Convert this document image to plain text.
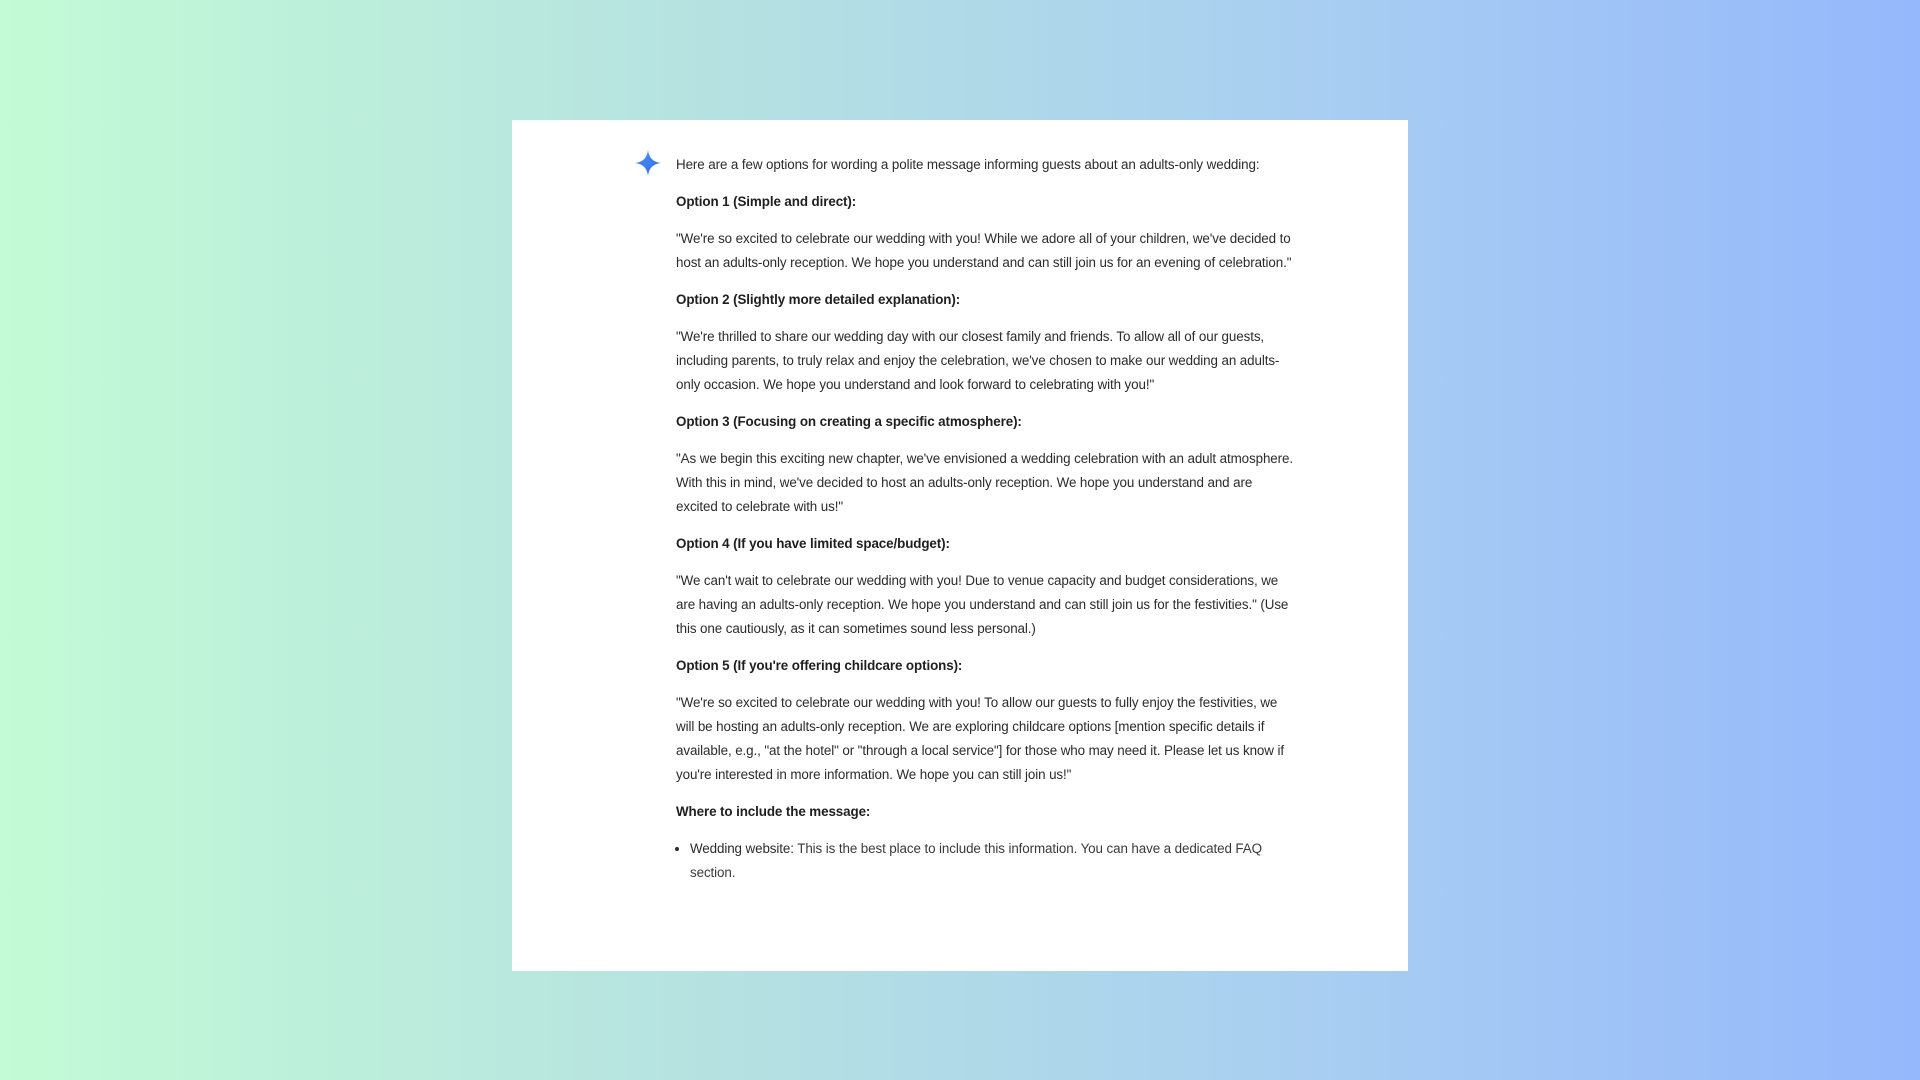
Here are a few options for wording a polite message informing guests about an adults-only wedding:

Option 1 (Simple and direct):

"We're so excited to celebrate our wedding with you! While we adore all of your children, we've decided to host an adults-only reception. We hope you understand and can still join us for an evening of celebration."

Option 2 (Slightly more detailed explanation):

"We're thrilled to share our wedding day with our closest family and friends. To allow all of our guests, including parents, to truly relax and enjoy the celebration, we've chosen to make our wedding an adults-only occasion. We hope you understand and look forward to celebrating with you!"

Option 3 (Focusing on creating a specific atmosphere):

"As we begin this exciting new chapter, we've envisioned a wedding celebration with an adult atmosphere. With this in mind, we've decided to host an adults-only reception. We hope you understand and are excited to celebrate with us!"

Option 4 (If you have limited space/budget):

"We can't wait to celebrate our wedding with you! Due to venue capacity and budget considerations, we are having an adults-only reception. We hope you understand and can still join us for the festivities." (Use this one cautiously, as it can sometimes sound less personal.)

Option 5 (If you're offering childcare options):

"We're so excited to celebrate our wedding with you! To allow our guests to fully enjoy the festivities, we will be hosting an adults-only reception. We are exploring childcare options [mention specific details if available, e.g., "at the hotel" or "through a local service"] for those who may need it. Please let us know if you're interested in more information. We hope you can still join us!"

Where to include the message:

• Wedding website: This is the best place to include this information. You can have a dedicated FAQ section.
